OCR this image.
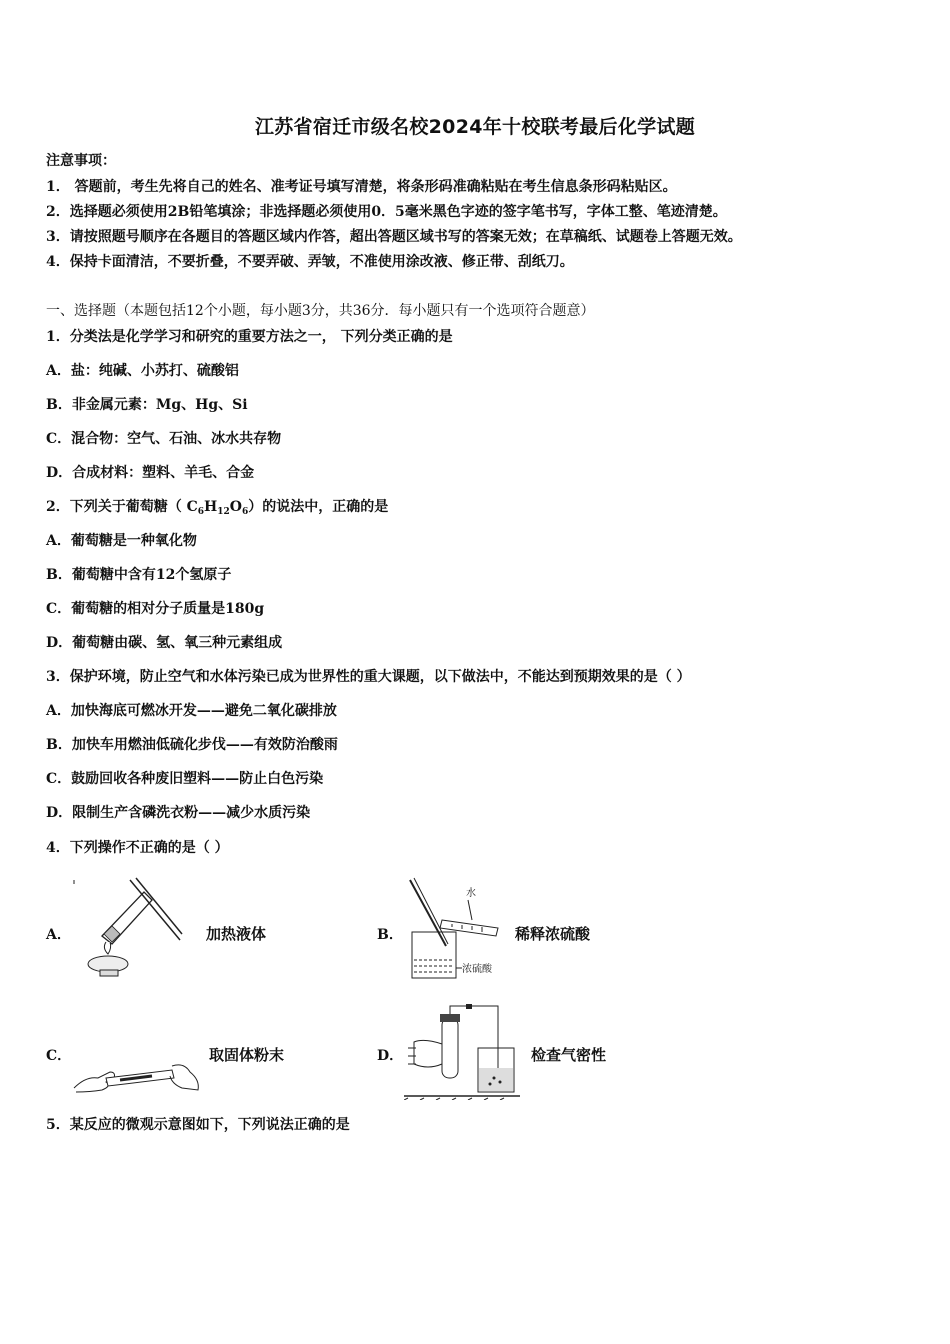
江苏省宿迁市级名校2024年十校联考最后化学试题
注意事项：
1． 答题前，考生先将自己的姓名、准考证号填写清楚，将条形码准确粘贴在考生信息条形码粘贴区。
2．选择题必须使用2B铅笔填涂；非选择题必须使用0．5毫米黑色字迹的签字笔书写，字体工整、笔迹清楚。
3．请按照题号顺序在各题目的答题区域内作答，超出答题区域书写的答案无效；在草稿纸、试题卷上答题无效。
4．保持卡面清洁，不要折叠，不要弄破、弄皱，不准使用涂改液、修正带、刮纸刀。
一、选择题（本题包括12个小题，每小题3分，共36分．每小题只有一个选项符合题意）
1．分类法是化学学习和研究的重要方法之一， 下列分类正确的是
A．盐：纯碱、小苏打、硫酸铝
B．非金属元素：Mg、Hg、Si
C．混合物：空气、石油、冰水共存物
D．合成材料：塑料、羊毛、合金
2．下列关于葡萄糖（ $C_6H_{12}O_6$）的说法中，正确的是
A．葡萄糖是一种氧化物
B．葡萄糖中含有12个氢原子
C．葡萄糖的相对分子质量是180g
D．葡萄糖由碳、氢、氧三种元素组成
3．保护环境，防止空气和水体污染已成为世界性的重大课题，以下做法中，不能达到预期效果的是（ ）
A．加快海底可燃冰开发——避免二氧化碳排放
B．加快车用燃油低硫化步伐——有效防治酸雨
C．鼓励回收各种废旧塑料——防止白色污染
D．限制生产含磷洗衣粉——减少水质污染
4．下列操作不正确的是（ ）
A．	加热液体	B．
水
浓硫酸
稀释浓硫酸
C．	取固体粉末	D．	检查气密性
5．某反应的微观示意图如下，下列说法正确的是
